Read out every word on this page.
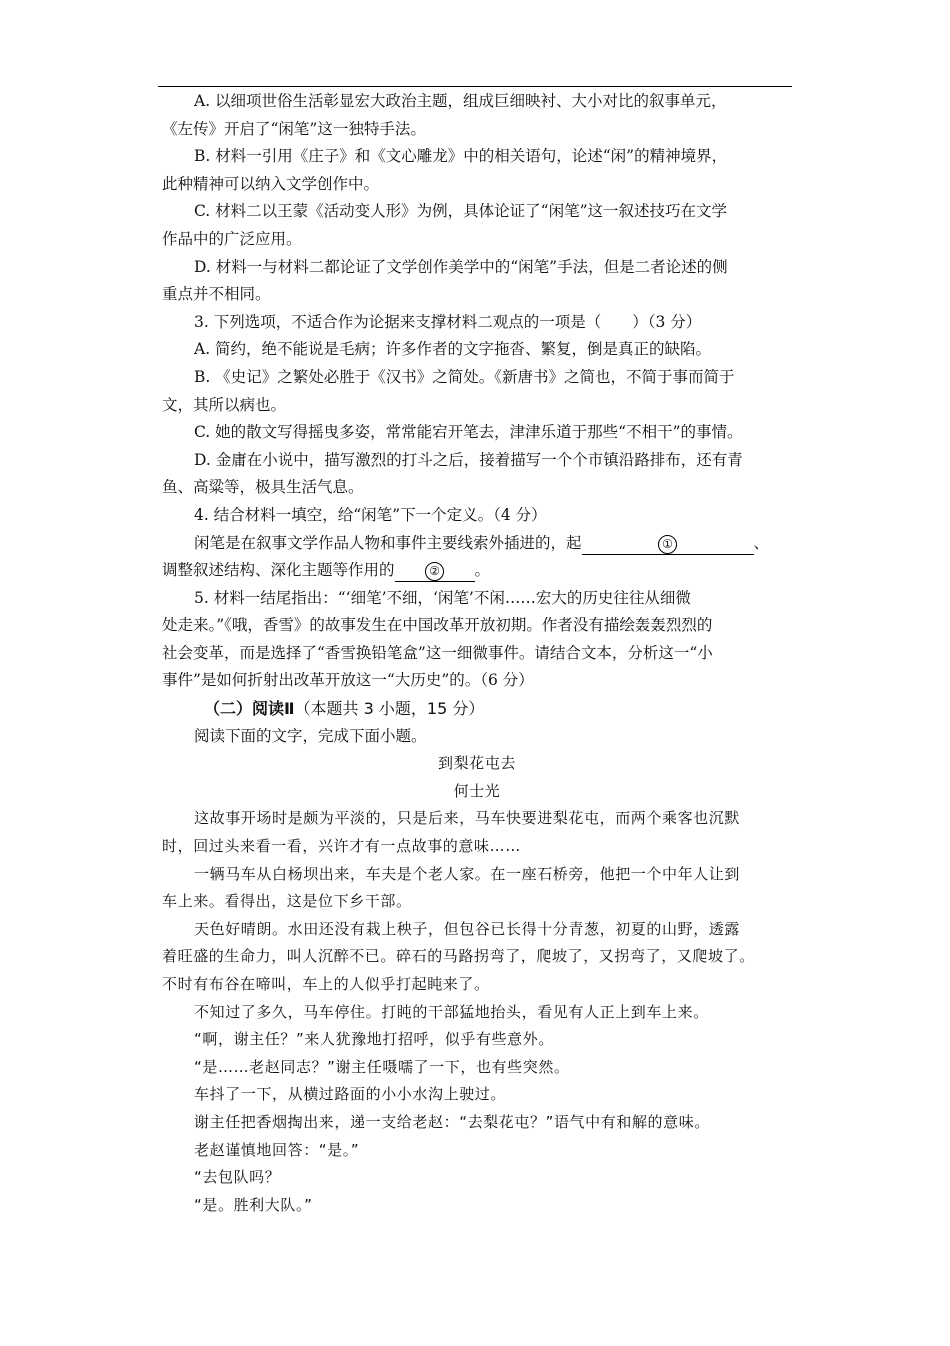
A. 以细项世俗生活彰显宏大政治主题，组成巨细映衬、大小对比的叙事单元，
《左传》开启了“闲笔”这一独特手法。
B. 材料一引用《庄子》和《文心雕龙》中的相关语句，论述“闲”的精神境界，
此种精神可以纳入文学创作中。
C. 材料二以王蒙《活动变人形》为例，具体论证了“闲笔”这一叙述技巧在文学
作品中的广泛应用。
D. 材料一与材料二都论证了文学创作美学中的“闲笔”手法，但是二者论述的侧
重点并不相同。
3. 下列选项，不适合作为论据来支撑材料二观点的一项是（　　）（3 分）
A. 简约，绝不能说是毛病；许多作者的文字拖沓、繁复，倒是真正的缺陷。
B. 《史记》之繁处必胜于《汉书》之简处。《新唐书》之简也，不简于事而简于
文，其所以病也。
C. 她的散文写得摇曳多姿，常常能宕开笔去，津津乐道于那些“不相干”的事情。
D. 金庸在小说中，描写激烈的打斗之后，接着描写一个个市镇沿路排布，还有青
鱼、高粱等，极具生活气息。
4. 结合材料一填空，给“闲笔”下一个定义。（4 分）
闲笔是在叙事文学作品人物和事件主要线索外插进的，起	①	、
调整叙述结构、深化主题等作用的	② 。
5. 材料一结尾指出：“‘细笔’不细，‘闲笔’不闲……宏大的历史往往从细微
处走来。”《哦，香雪》的故事发生在中国改革开放初期。作者没有描绘轰轰烈烈的
社会变革，而是选择了“香雪换铅笔盒”这一细微事件。请结合文本，分析这一“小
事件”是如何折射出改革开放这一“大历史”的。（6 分）
（二）阅读Ⅱ（本题共 3 小题，15 分）
阅读下面的文字，完成下面小题。
到梨花屯去
何士光
这故事开场时是颇为平淡的，只是后来，马车快要进梨花屯，而两个乘客也沉默
时，回过头来看一看，兴许才有一点故事的意味……
一辆马车从白杨坝出来，车夫是个老人家。在一座石桥旁，他把一个中年人让到
车上来。看得出，这是位下乡干部。
天色好晴朗。水田还没有栽上秧子，但包谷已长得十分青葱，初夏的山野，透露
着旺盛的生命力，叫人沉醉不已。碎石的马路拐弯了，爬坡了，又拐弯了，又爬坡了。
不时有布谷在啼叫，车上的人似乎打起盹来了。
不知过了多久，马车停住。打盹的干部猛地抬头，看见有人正上到车上来。
“啊，谢主任？”来人犹豫地打招呼，似乎有些意外。
“是……老赵同志？”谢主任嗫嚅了一下，也有些突然。
车抖了一下，从横过路面的小小水沟上驶过。
谢主任把香烟掏出来，递一支给老赵：“去梨花屯？”语气中有和解的意味。
老赵谨慎地回答：“是。”
“去包队吗？
“是。胜利大队。”
